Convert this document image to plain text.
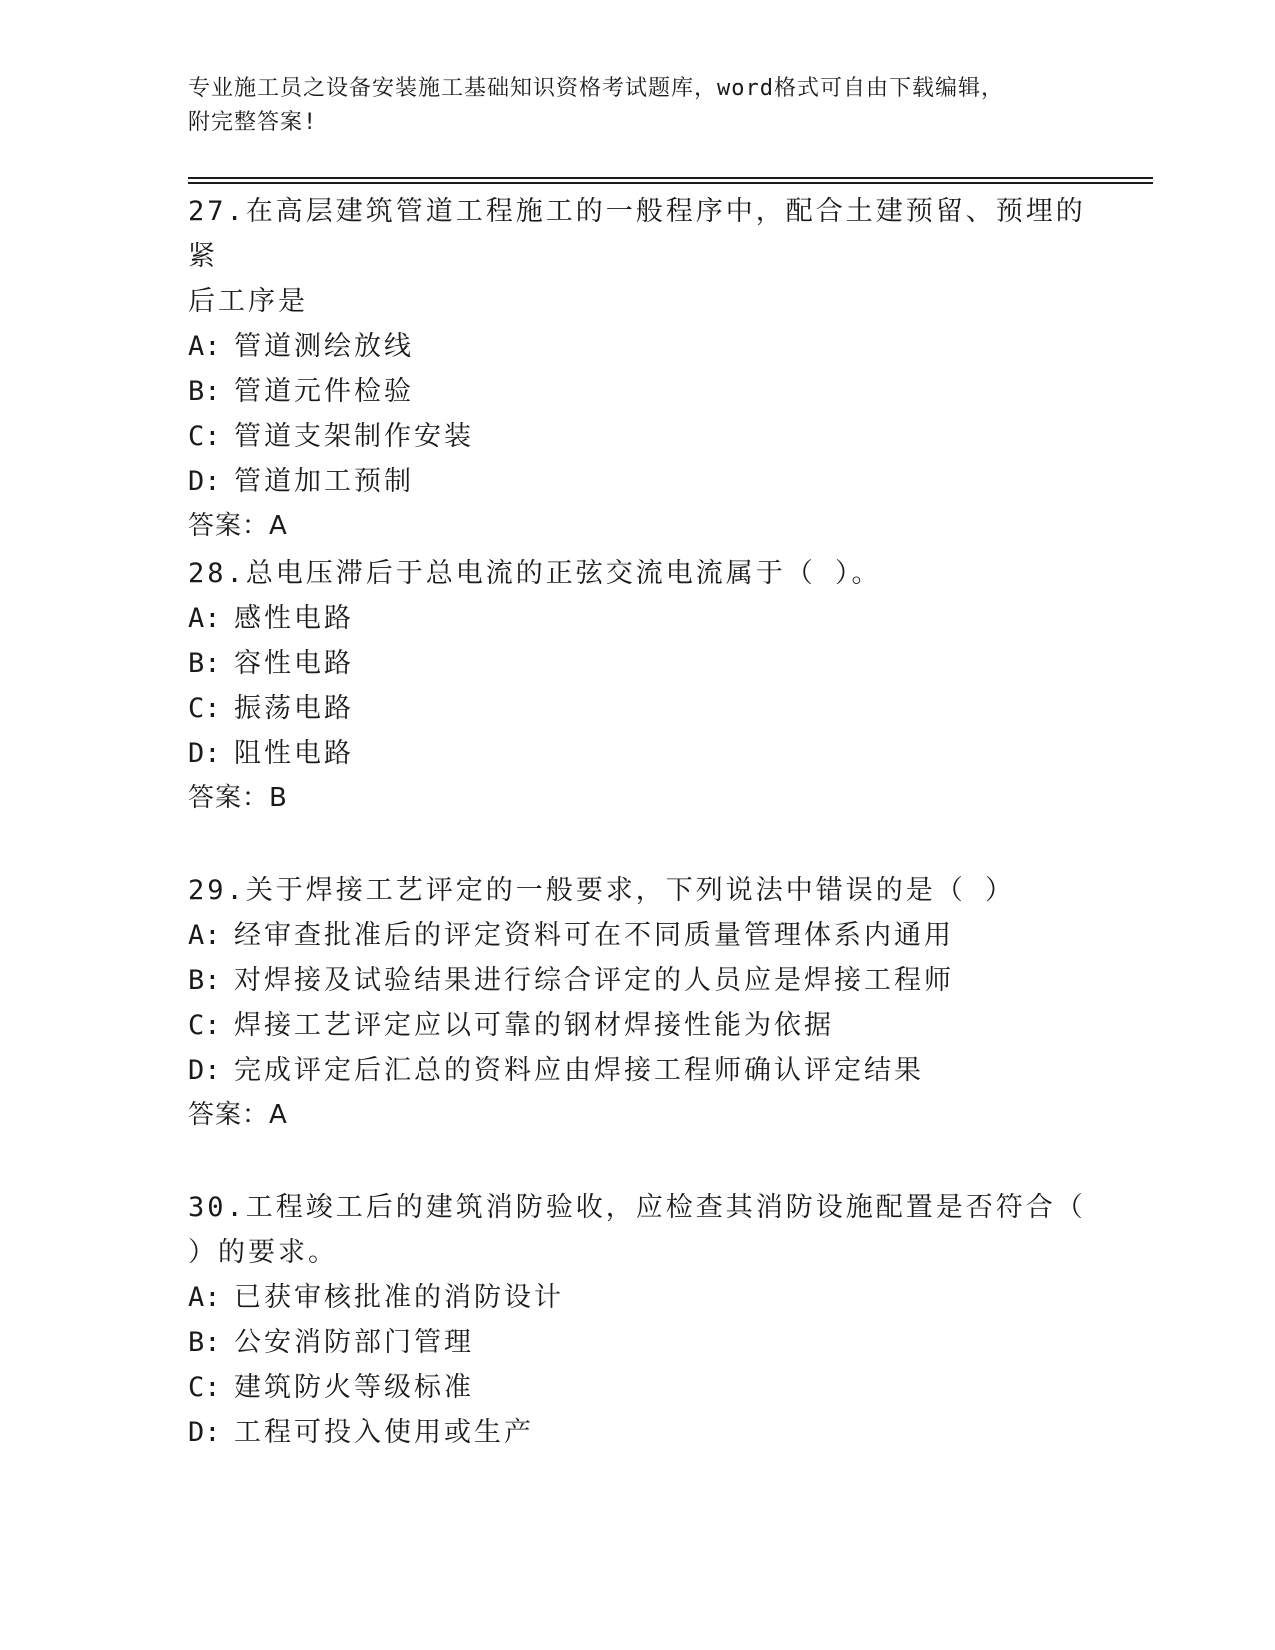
专业施工员之设备安装施工基础知识资格考试题库，word格式可自由下载编辑，
附完整答案!

27.在高层建筑管道工程施工的一般程序中，配合土建预留、预埋的紧

后工序是

A: 管道测绘放线

B: 管道元件检验

C: 管道支架制作安装

D: 管道加工预制

答案：A

28.总电压滞后于总电流的正弦交流电流属于（ ）。

A: 感性电路

B: 容性电路

C: 振荡电路

D: 阻性电路

答案：B

29.关于焊接工艺评定的一般要求，下列说法中错误的是（ ）

A: 经审查批准后的评定资料可在不同质量管理体系内通用

B: 对焊接及试验结果进行综合评定的人员应是焊接工程师

C: 焊接工艺评定应以可靠的钢材焊接性能为依据

D: 完成评定后汇总的资料应由焊接工程师确认评定结果

答案：A

30.工程竣工后的建筑消防验收，应检查其消防设施配置是否符合（

）的要求。

A: 已获审核批准的消防设计

B: 公安消防部门管理

C: 建筑防火等级标准

D: 工程可投入使用或生产
